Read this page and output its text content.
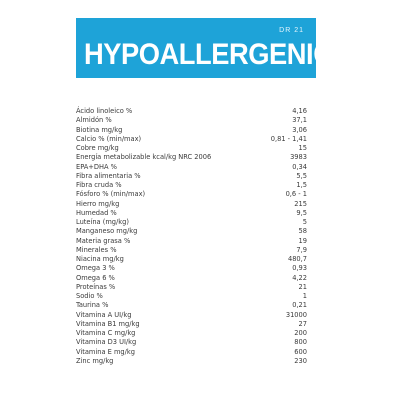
DR 21
HYPOALLERGENIC
Ácido linoleico %	4,16
Almidón %	37,1
Biotina mg/kg	3,06
Calcio % (min/max)	0,81 - 1,41
Cobre mg/kg	15
Energía metabolizable kcal/kg NRC 2006	3983
EPA+DHA %	0,34
Fibra alimentaria %	5,5
Fibra cruda %	1,5
Fósforo % (min/max)	0,6 - 1
Hierro mg/kg	215
Humedad %	9,5
Luteína (mg/kg)	5
Manganeso mg/kg	58
Materia grasa %	19
Minerales %	7,9
Niacina mg/kg	480,7
Omega 3 %	0,93
Omega 6 %	4,22
Proteínas %	21
Sodio %	1
Taurina %	0,21
Vitamina A UI/kg	31000
Vitamina B1 mg/kg	27
Vitamina C mg/kg	200
Vitamina D3 UI/kg	800
Vitamina E mg/kg	600
Zinc mg/kg	230
